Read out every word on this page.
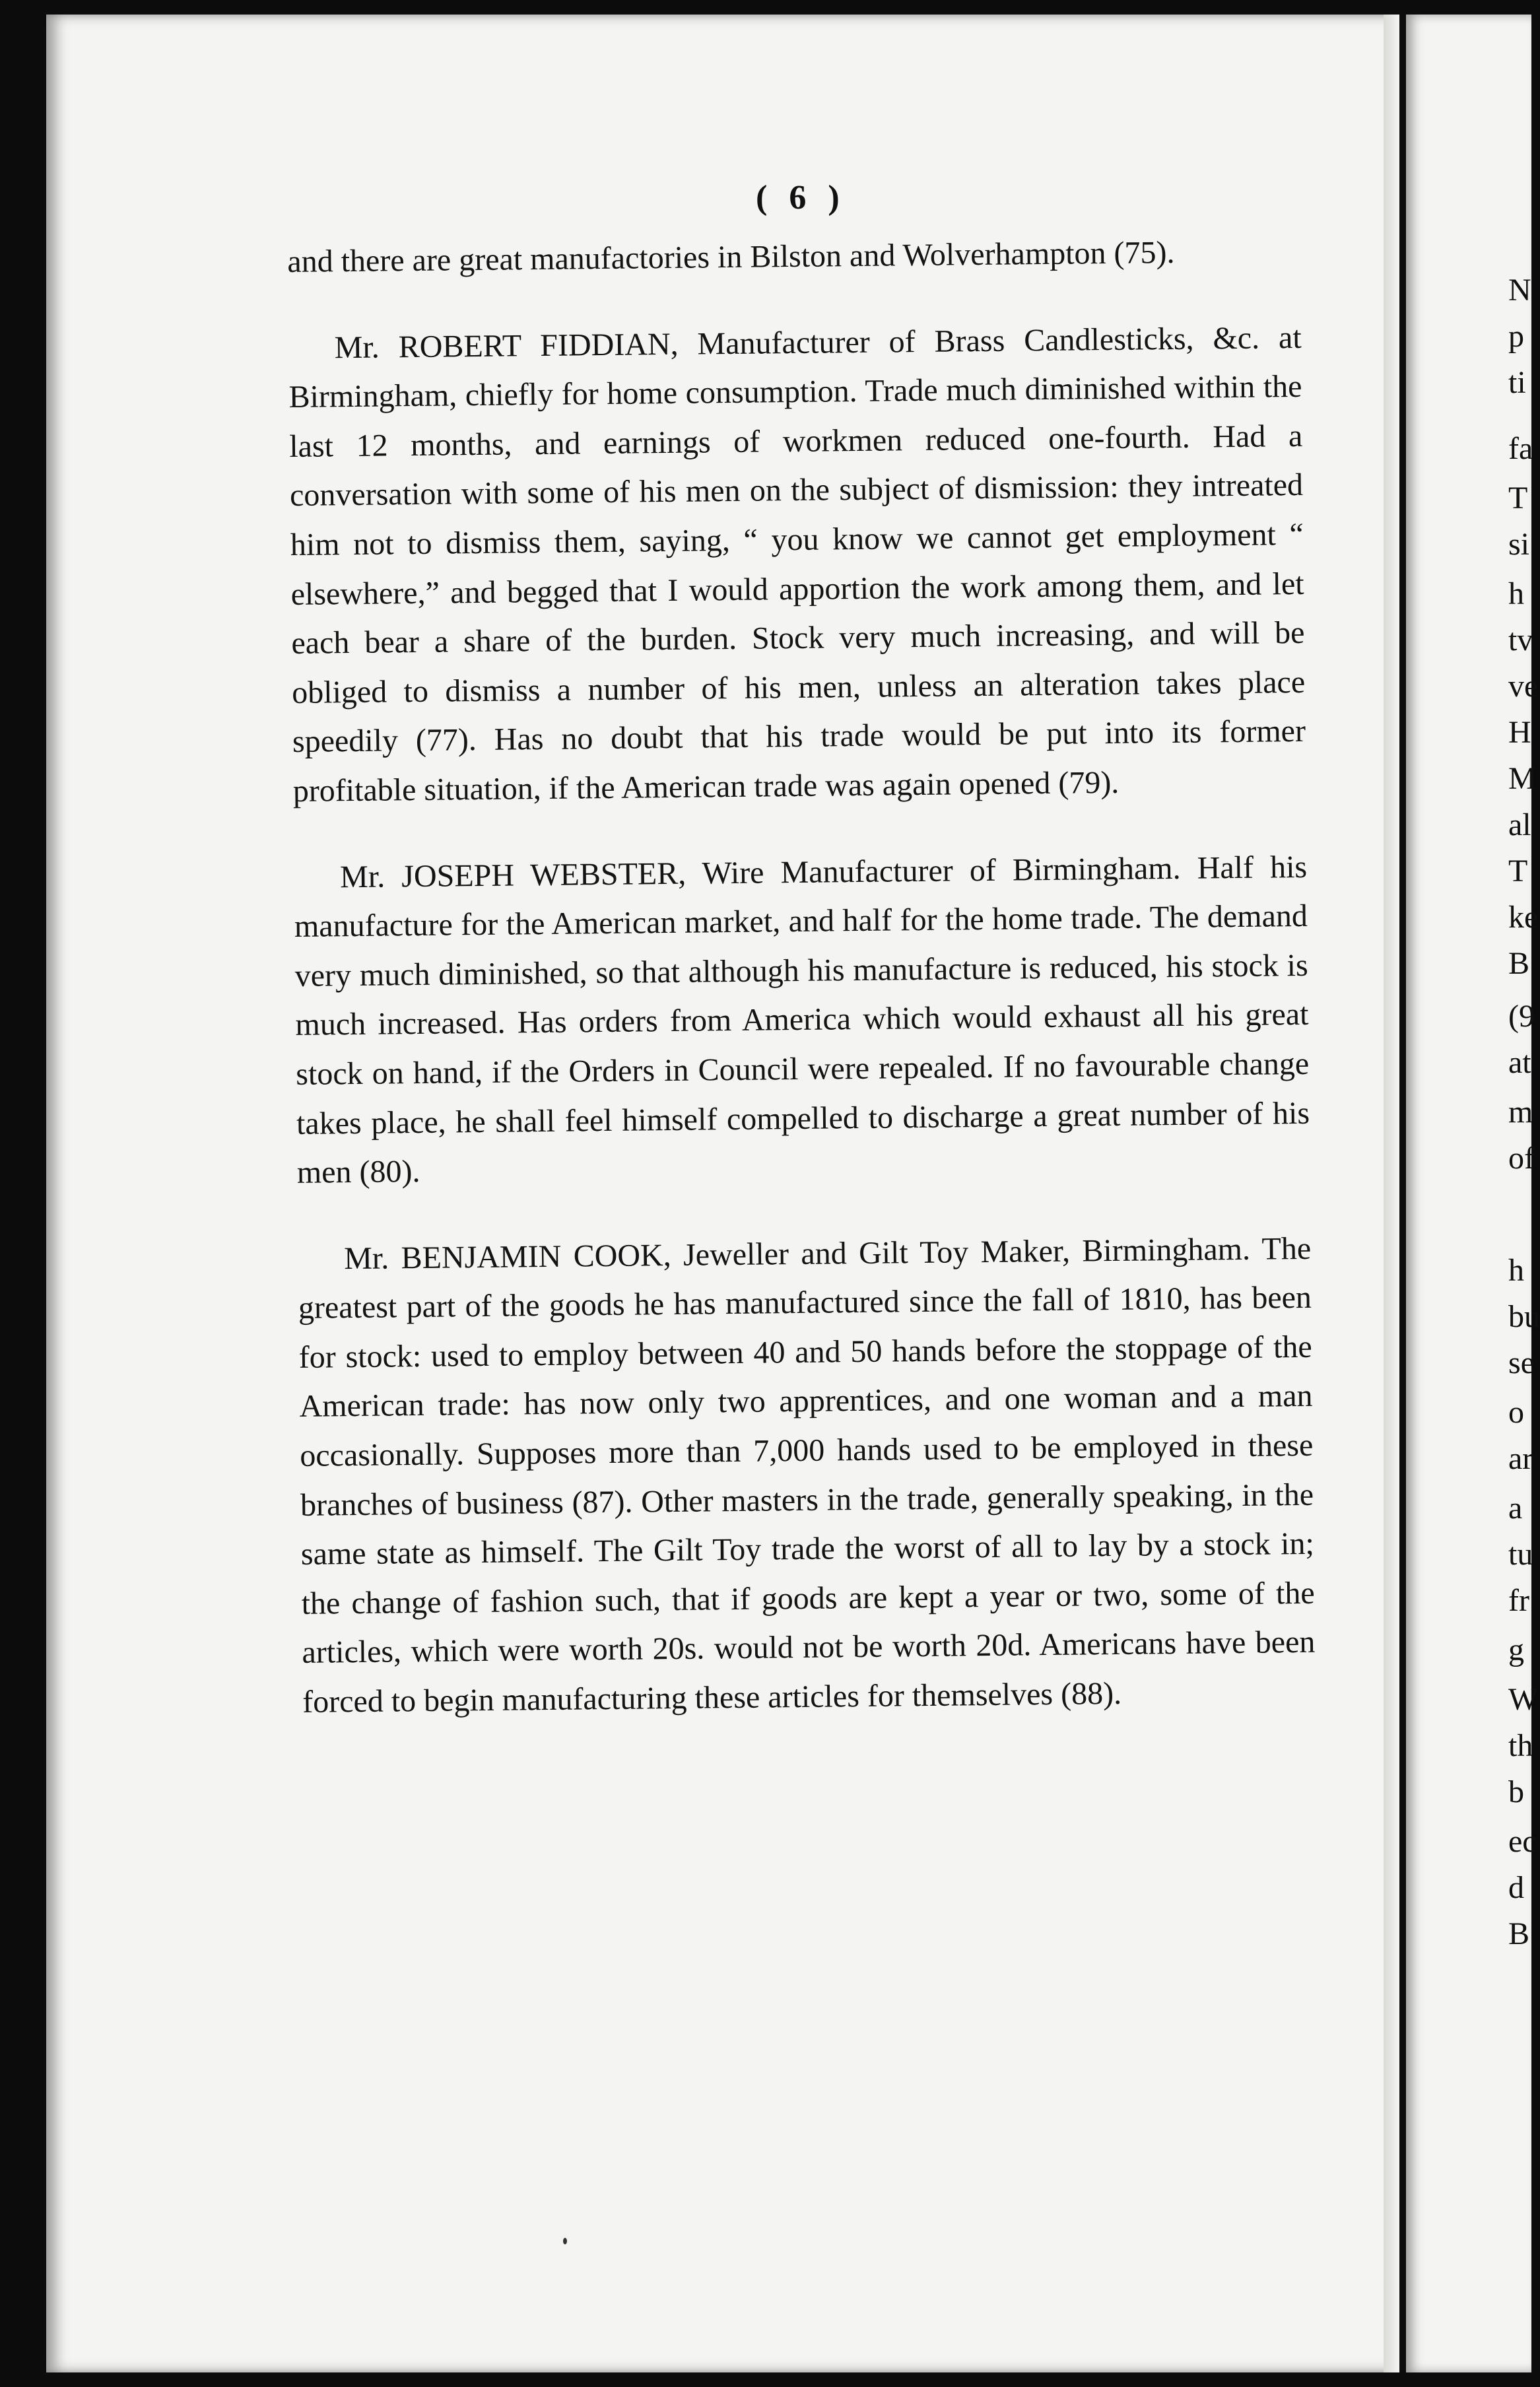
N
p
ti
fa
T
si
h
tv
ve
H
M
al
T
ke
B
(9
at
m
of
h
bu
se
o
ar
a
tu
fr
g
W
th
b
ec
d
B
( 6 )

and there are great manufactories in Bilston and Wolverhampton (75).

Mr. ROBERT FIDDIAN, Manufacturer of Brass Candlesticks, &c. at Birmingham, chiefly for home consumption. Trade much diminished within the last 12 months, and earnings of workmen reduced one-fourth. Had a conversation with some of his men on the subject of dismission: they intreated him not to dismiss them, saying, “ you know we cannot get employment “ elsewhere,” and begged that I would apportion the work among them, and let each bear a share of the burden. Stock very much increasing, and will be obliged to dismiss a number of his men, unless an alteration takes place speedily (77). Has no doubt that his trade would be put into its former profitable situation, if the American trade was again opened (79).

Mr. JOSEPH WEBSTER, Wire Manufacturer of Birmingham. Half his manufacture for the American market, and half for the home trade. The demand very much diminished, so that although his manufacture is reduced, his stock is much increased. Has orders from America which would exhaust all his great stock on hand, if the Orders in Council were repealed. If no favourable change takes place, he shall feel himself compelled to discharge a great number of his men (80).

Mr. BENJAMIN COOK, Jeweller and Gilt Toy Maker, Birmingham. The greatest part of the goods he has manufactured since the fall of 1810, has been for stock: used to employ between 40 and 50 hands before the stoppage of the American trade: has now only two apprentices, and one woman and a man occasionally. Supposes more than 7,000 hands used to be employed in these branches of business (87). Other masters in the trade, generally speaking, in the same state as himself. The Gilt Toy trade the worst of all to lay by a stock in; the change of fashion such, that if goods are kept a year or two, some of the articles, which were worth 20s. would not be worth 20d. Americans have been forced to begin manufacturing these articles for themselves (88).
